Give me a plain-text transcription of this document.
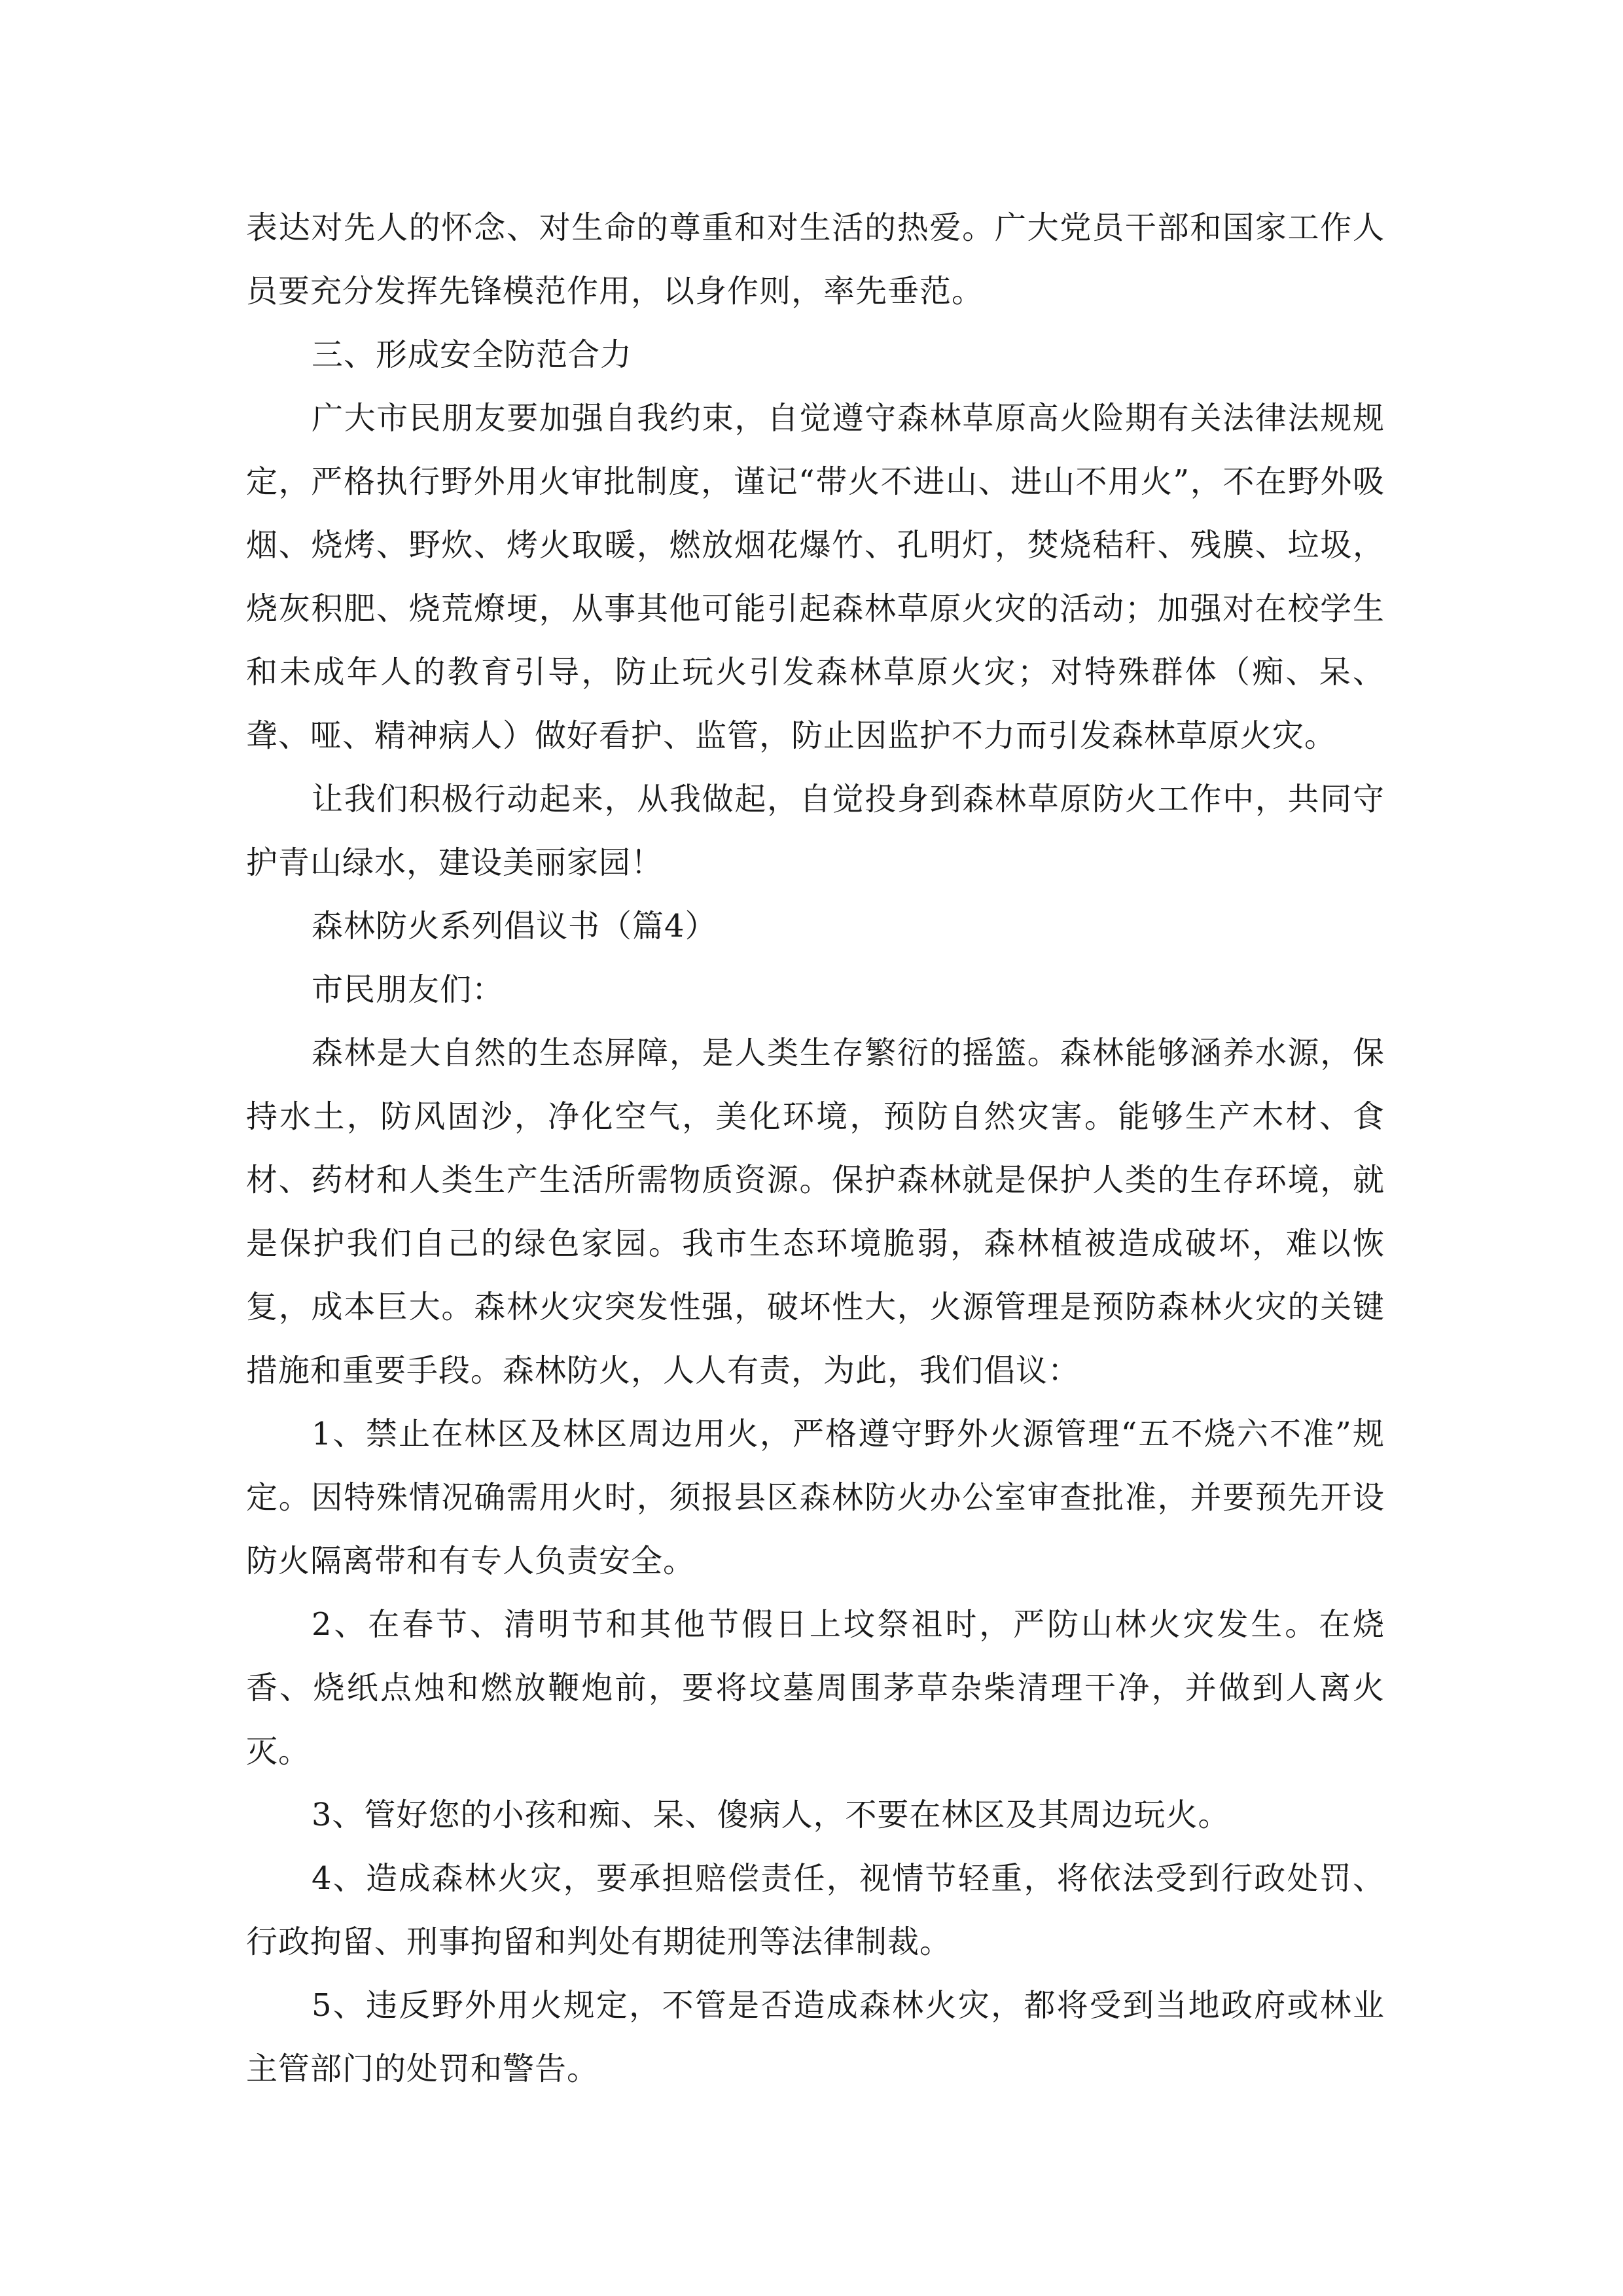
表达对先人的怀念、对生命的尊重和对生活的热爱。广大党员干部和国家工作人员要充分发挥先锋模范作用，以身作则，率先垂范。

三、形成安全防范合力

广大市民朋友要加强自我约束，自觉遵守森林草原高火险期有关法律法规规定，严格执行野外用火审批制度，谨记“带火不进山、进山不用火”，不在野外吸烟、烧烤、野炊、烤火取暖，燃放烟花爆竹、孔明灯，焚烧秸秆、残膜、垃圾，烧灰积肥、烧荒燎埂，从事其他可能引起森林草原火灾的活动；加强对在校学生和未成年人的教育引导，防止玩火引发森林草原火灾；对特殊群体（痴、呆、聋、哑、精神病人）做好看护、监管，防止因监护不力而引发森林草原火灾。

让我们积极行动起来，从我做起，自觉投身到森林草原防火工作中，共同守护青山绿水，建设美丽家园！

森林防火系列倡议书（篇4）

市民朋友们：

森林是大自然的生态屏障，是人类生存繁衍的摇篮。森林能够涵养水源，保持水土，防风固沙，净化空气，美化环境，预防自然灾害。能够生产木材、食材、药材和人类生产生活所需物质资源。保护森林就是保护人类的生存环境，就是保护我们自己的绿色家园。我市生态环境脆弱，森林植被造成破坏，难以恢复，成本巨大。森林火灾突发性强，破坏性大，火源管理是预防森林火灾的关键措施和重要手段。森林防火，人人有责，为此，我们倡议：

1、禁止在林区及林区周边用火，严格遵守野外火源管理“五不烧六不准”规定。因特殊情况确需用火时，须报县区森林防火办公室审查批准，并要预先开设防火隔离带和有专人负责安全。

2、在春节、清明节和其他节假日上坟祭祖时，严防山林火灾发生。在烧香、烧纸点烛和燃放鞭炮前，要将坟墓周围茅草杂柴清理干净，并做到人离火灭。

3、管好您的小孩和痴、呆、傻病人，不要在林区及其周边玩火。

4、造成森林火灾，要承担赔偿责任，视情节轻重，将依法受到行政处罚、行政拘留、刑事拘留和判处有期徒刑等法律制裁。

5、违反野外用火规定，不管是否造成森林火灾，都将受到当地政府或林业主管部门的处罚和警告。
